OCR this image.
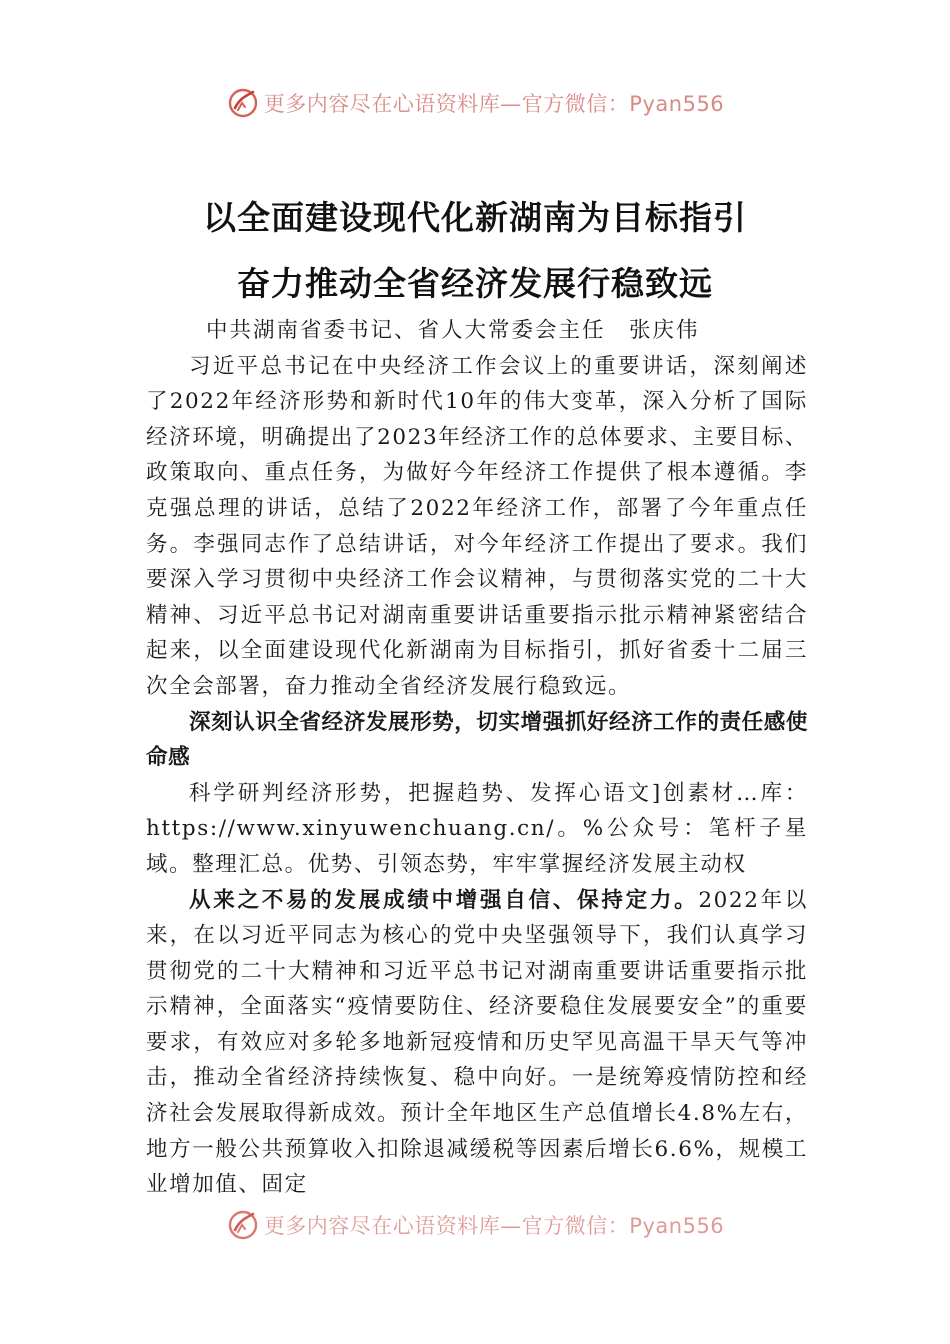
更多内容尽在心语资料库—官方微信：Pyan556
以全面建设现代化新湖南为目标指引
奋力推动全省经济发展行稳致远

中共湖南省委书记、省人大常委会主任　张庆伟

习近平总书记在中央经济工作会议上的重要讲话，深刻阐述了2022年经济形势和新时代10年的伟大变革，深入分析了国际经济环境，明确提出了2023年经济工作的总体要求、主要目标、政策取向、重点任务，为做好今年经济工作提供了根本遵循。李克强总理的讲话，总结了2022年经济工作，部署了今年重点任务。李强同志作了总结讲话，对今年经济工作提出了要求。我们要深入学习贯彻中央经济工作会议精神，与贯彻落实党的二十大精神、习近平总书记对湖南重要讲话重要指示批示精神紧密结合起来，以全面建设现代化新湖南为目标指引，抓好省委十二届三次全会部署，奋力推动全省经济发展行稳致远。

深刻认识全省经济发展形势，切实增强抓好经济工作的责任感使命感

科学研判经济形势，把握趋势、发挥心语文]创素材…库：https://www.xinyuwenchuang.cn/。%公众号：笔杆子星域。整理汇总。优势、引领态势，牢牢掌握经济发展主动权

从来之不易的发展成绩中增强自信、保持定力。2022年以来，在以习近平同志为核心的党中央坚强领导下，我们认真学习贯彻党的二十大精神和习近平总书记对湖南重要讲话重要指示批示精神，全面落实“疫情要防住、经济要稳住发展要安全”的重要要求，有效应对多轮多地新冠疫情和历史罕见高温干旱天气等冲击，推动全省经济持续恢复、稳中向好。一是统筹疫情防控和经济社会发展取得新成效。预计全年地区生产总值增长4.8%左右，地方一般公共预算收入扣除退减缓税等因素后增长6.6%，规模工业增加值、固定

更多内容尽在心语资料库—官方微信：Pyan556
